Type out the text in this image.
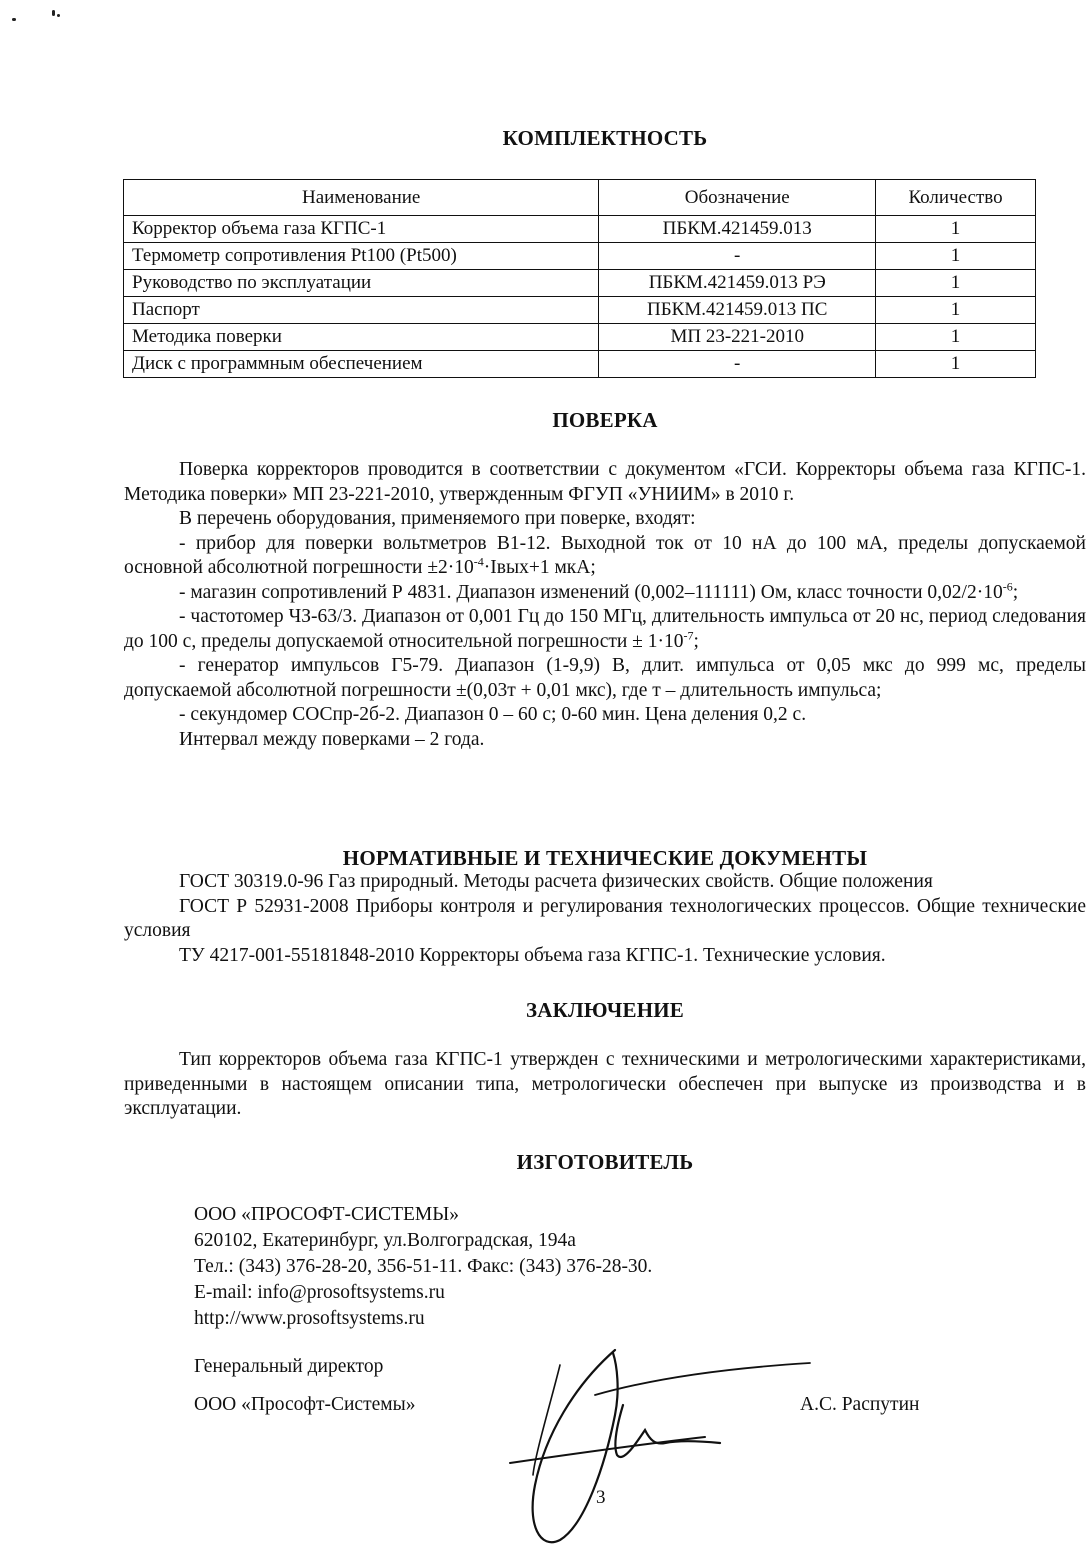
КОМПЛЕКТНОСТЬ
Наименование	Обозначение	Количество
Корректор объема газа КГПС-1	ПБКМ.421459.013	1
Термометр сопротивления Pt100 (Pt500)	-	1
Руководство по эксплуатации	ПБКМ.421459.013 РЭ	1
Паспорт	ПБКМ.421459.013 ПС	1
Методика поверки	МП 23-221-2010	1
Диск с программным обеспечением	-	1
ПОВЕРКА

Поверка корректоров проводится в соответствии с документом «ГСИ. Корректоры объема газа КГПС-1. Методика поверки» МП 23-221-2010, утвержденным ФГУП «УНИИМ» в 2010 г.

В перечень оборудования, применяемого при поверке, входят:

- прибор для поверки вольтметров В1-12. Выходной ток от 10 нА до 100 мА, пределы допускаемой основной абсолютной погрешности $\pm 2\cdot 10^{-4}\cdot Iвых+1$ мкА;

- магазин сопротивлений Р 4831. Диапазон изменений (0,002–111111) Ом, класс точности $0,02/2\cdot 10^{-6}$;

- частотомер ЧЗ-63/3. Диапазон от 0,001 Гц до 150 МГц, длительность импульса от 20 нс, период следования до 100 с, пределы допускаемой относительной погрешности ± $1\cdot 10^{-7}$;

- генератор импульсов Г5-79. Диапазон (1-9,9) В, длит. импульса от 0,05 мкс до 999 мс, пределы допускаемой абсолютной погрешности ±(0,03т + 0,01 мкс), где т – длительность импульса;

- секундомер СОСпр-2б-2. Диапазон 0 – 60 с; 0-60 мин. Цена деления 0,2 с.

Интервал между поверками – 2 года.

НОРМАТИВНЫЕ И ТЕХНИЧЕСКИЕ ДОКУМЕНТЫ

ГОСТ 30319.0-96 Газ природный. Методы расчета физических свойств. Общие положения

ГОСТ Р 52931-2008 Приборы контроля и регулирования технологических процессов. Общие технические условия

ТУ 4217-001-55181848-2010 Корректоры объема газа КГПС-1. Технические условия.

ЗАКЛЮЧЕНИЕ

Тип корректоров объема газа КГПС-1 утвержден с техническими и метрологическими характеристиками, приведенными в настоящем описании типа, метрологически обеспечен при выпуске из производства и в эксплуатации.

ИЗГОТОВИТЕЛЬ
ООО «ПРОСОФТ-СИСТЕМЫ»
620102, Екатеринбург, ул.Волгоградская, 194а
Тел.: (343) 376-28-20, 356-51-11. Факс: (343) 376-28-30.
E-mail: info@prosoftsystems.ru
http://www.prosoftsystems.ru
Генеральный директор
ООО «Прософт-Системы»	А.С. Распутин
3
